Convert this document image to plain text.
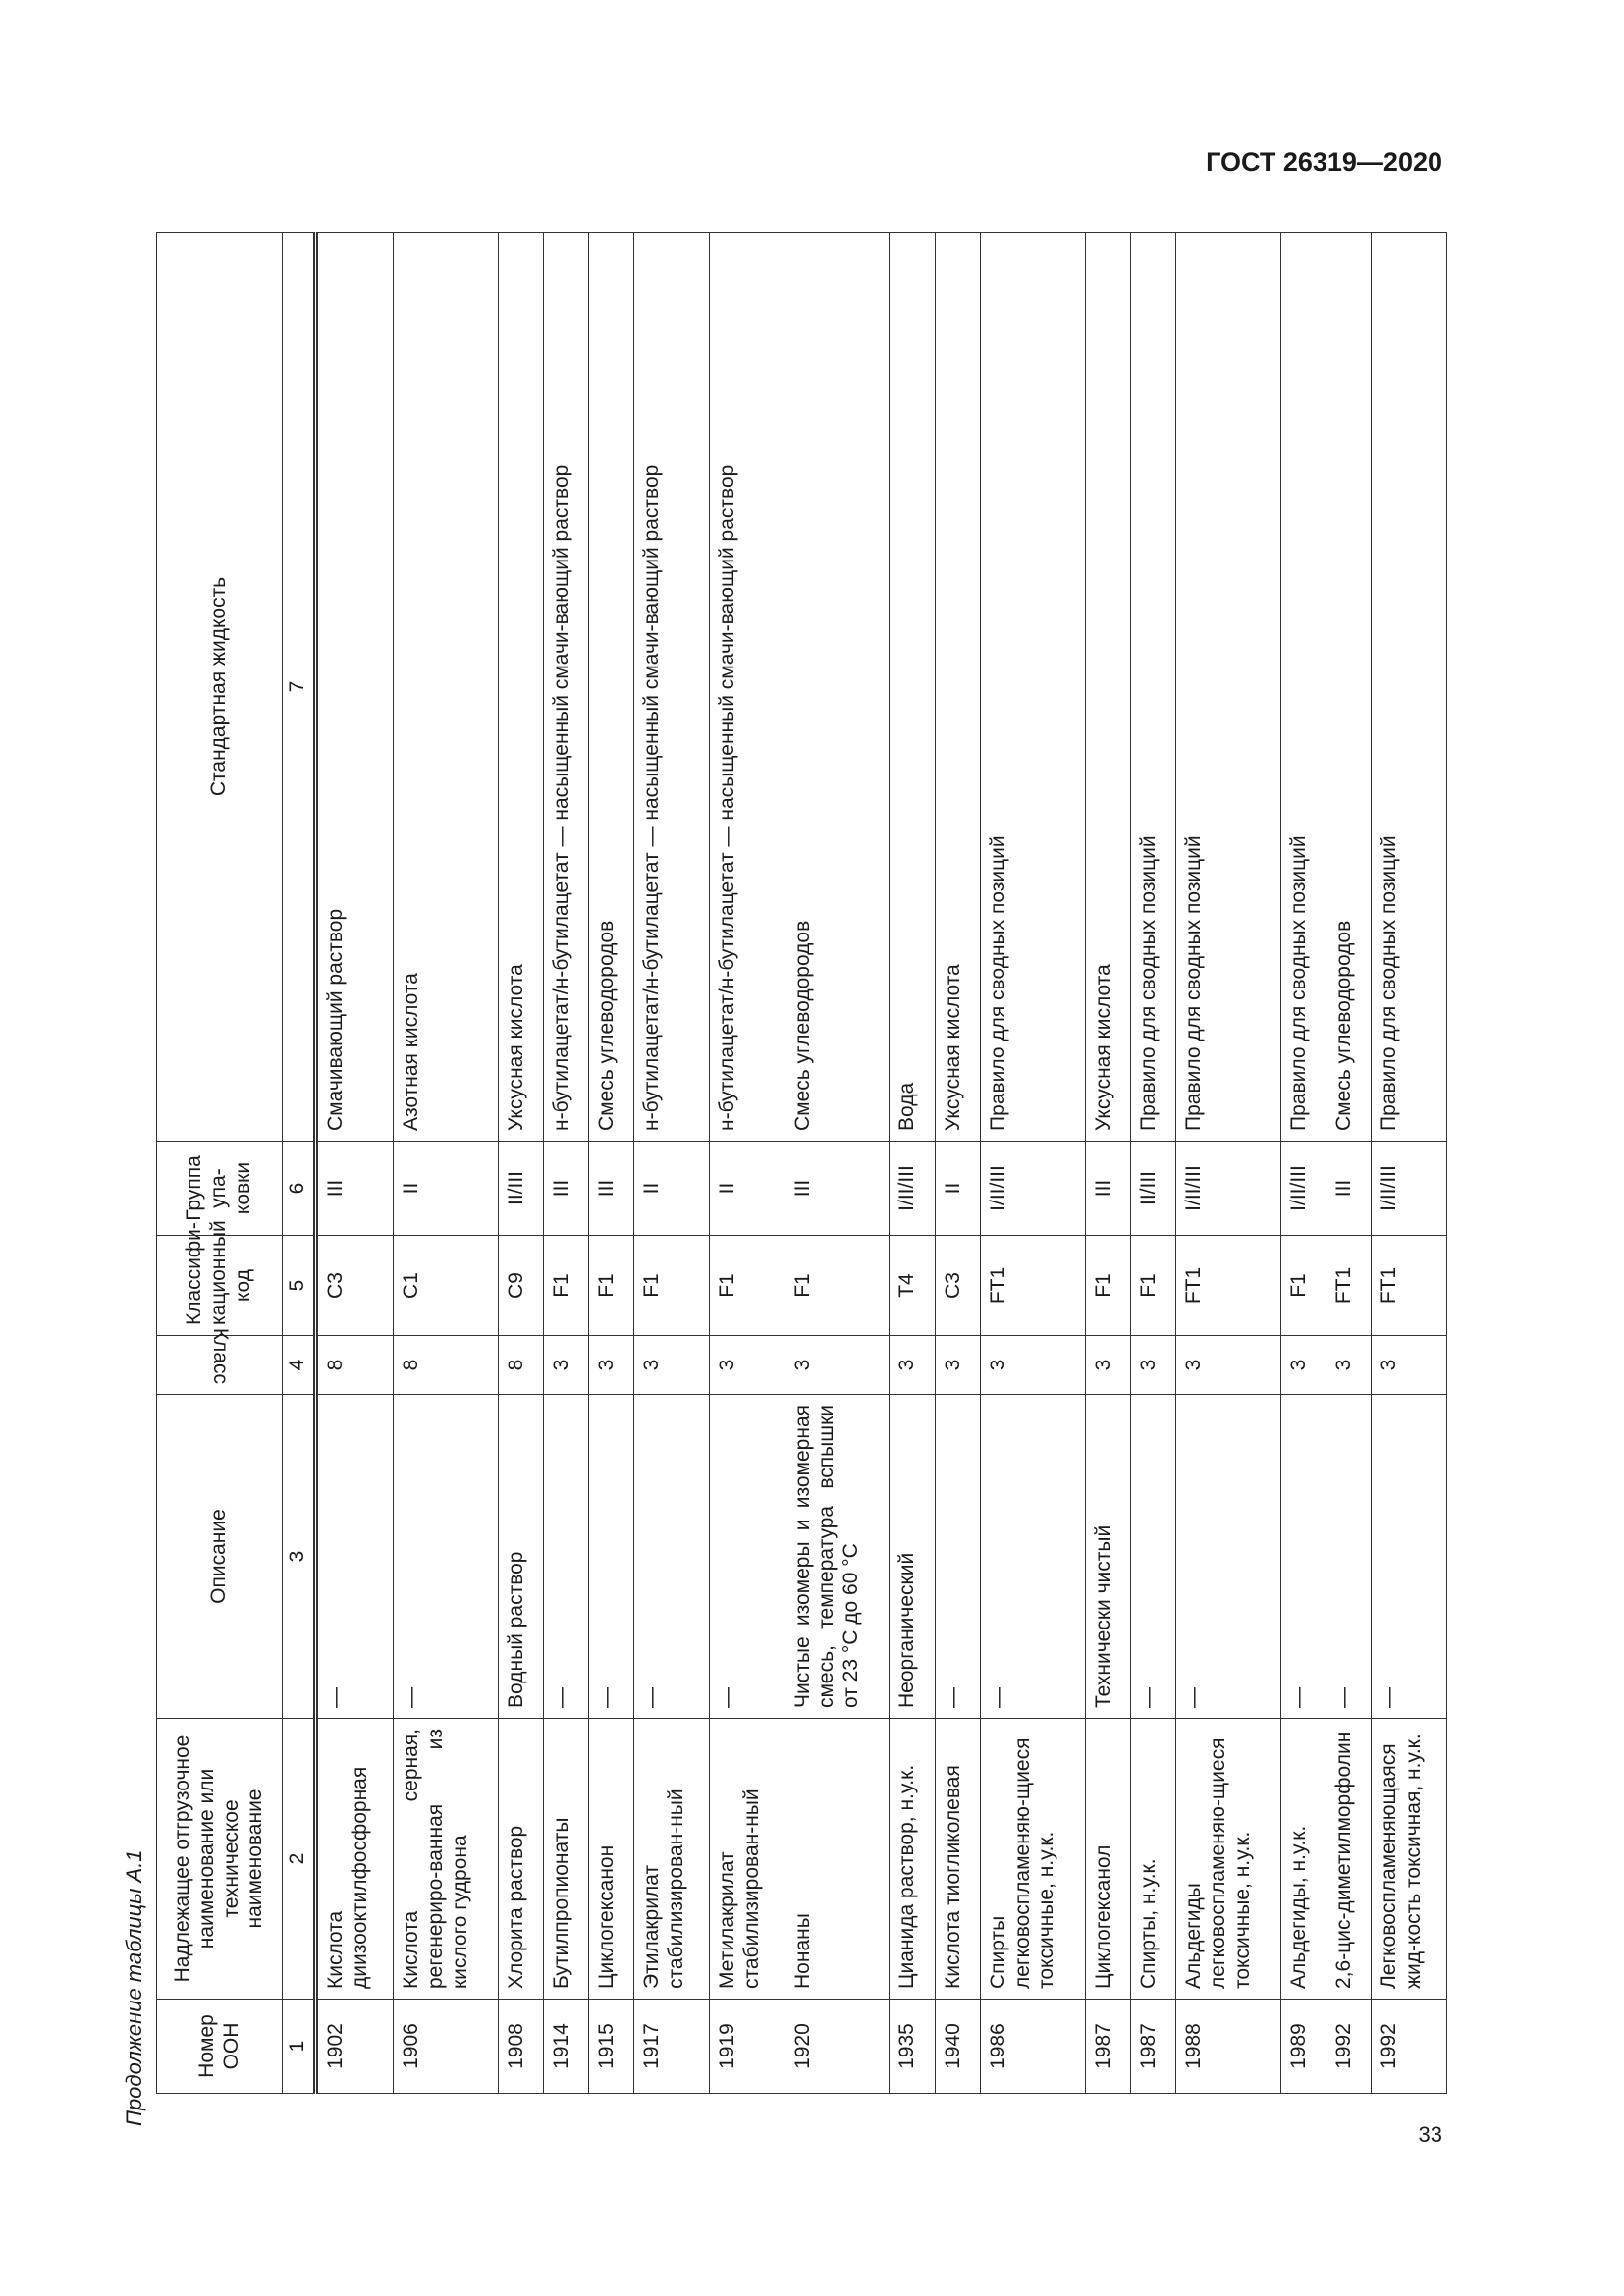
ГОСТ 26319—2020
Продолжение таблицы А.1
33
Номер ООН	Надлежащее отгрузочное наименование или техническое наименование	Описание	Класс	Классифи-кационный код	Группа упа-ковки	Стандартная жидкость
1	2	3	4	5	6	7
1902	Кислота диизооктилфосфорная	—	8	C3	III	Смачивающий раствор
1906	Кислота серная, регенериро-ванная из кислого гудрона	—	8	C1	II	Азотная кислота
1908	Хлорита раствор	Водный раствор	8	C9	II/III	Уксусная кислота
1914	Бутилпропионаты	—	3	F1	III	н-бутилацетат/н-бутилацетат — насыщенный смачи-вающий раствор
1915	Циклогексанон	—	3	F1	III	Смесь углеводородов
1917	Этилакрилат стабилизирован-ный	—	3	F1	II	н-бутилацетат/н-бутилацетат — насыщенный смачи-вающий раствор
1919	Метилакрилат стабилизирован-ный	—	3	F1	II	н-бутилацетат/н-бутилацетат — насыщенный смачи-вающий раствор
1920	Нонаны	Чистые изомеры и изомерная смесь, температура вспышки от 23 °C до 60 °C	3	F1	III	Смесь углеводородов
1935	Цианида раствор, н.у.к.	Неорганический	3	T4	I/II/III	Вода
1940	Кислота тиогликолевая	—	3	C3	II	Уксусная кислота
1986	Спирты легковоспламеняю-щиеся токсичные, н.у.к.	—	3	FT1	I/II/III	Правило для сводных позиций
1987	Циклогексанол	Технически чистый	3	F1	III	Уксусная кислота
1987	Спирты, н.у.к.	—	3	F1	II/III	Правило для сводных позиций
1988	Альдегиды легковоспламеняю-щиеся токсичные, н.у.к.	—	3	FT1	I/II/III	Правило для сводных позиций
1989	Альдегиды, н.у.к.	—	3	F1	I/II/III	Правило для сводных позиций
1992	2,6-цис-диметилморфолин	—	3	FT1	III	Смесь углеводородов
1992	Легковоспламеняющаяся жид-кость токсичная, н.у.к.	—	3	FT1	I/II/III	Правило для сводных позиций
